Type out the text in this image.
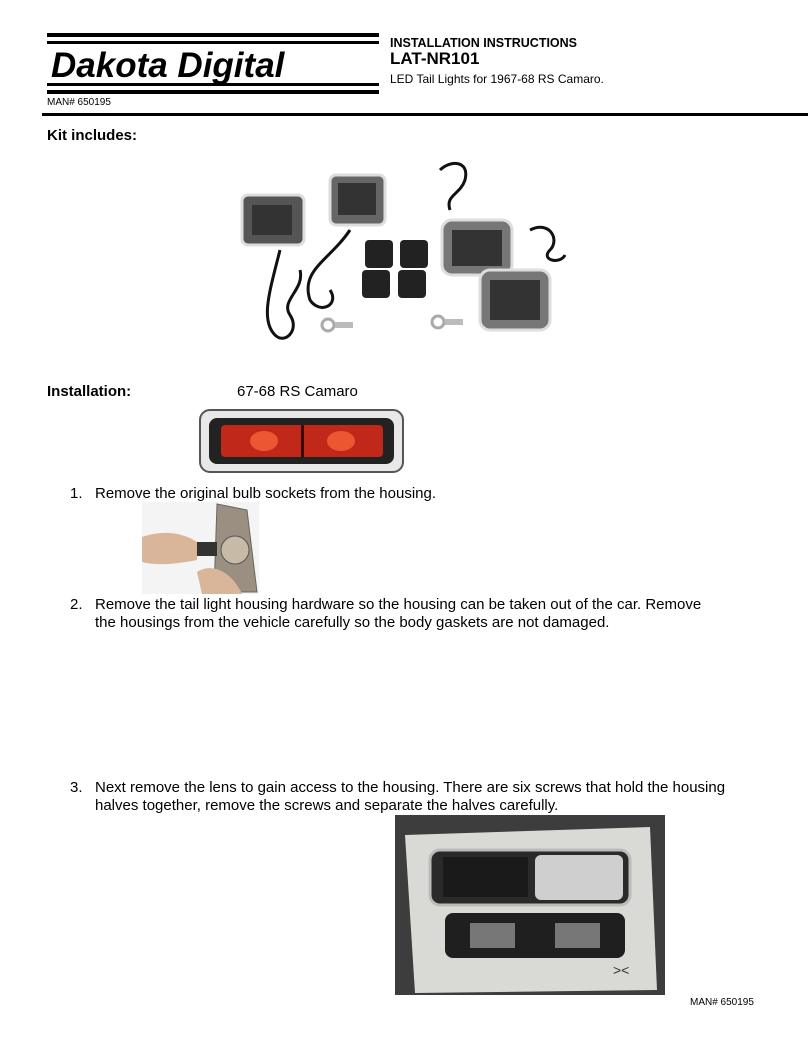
Dakota Digital
MAN# 650195
INSTALLATION INSTRUCTIONS
LAT-NR101
LED Tail Lights for 1967-68 RS Camaro.
Kit includes:
Installation:	67-68 RS Camaro
1. Remove the original bulb sockets from the housing.
2. Remove the tail light housing hardware so the housing can be taken out of the car. Remove
the housings from the vehicle carefully so the body gaskets are not damaged.
3. Next remove the lens to gain access to the housing. There are six screws that hold the housing
halves together, remove the screws and separate the halves carefully.
><
MAN# 650195
